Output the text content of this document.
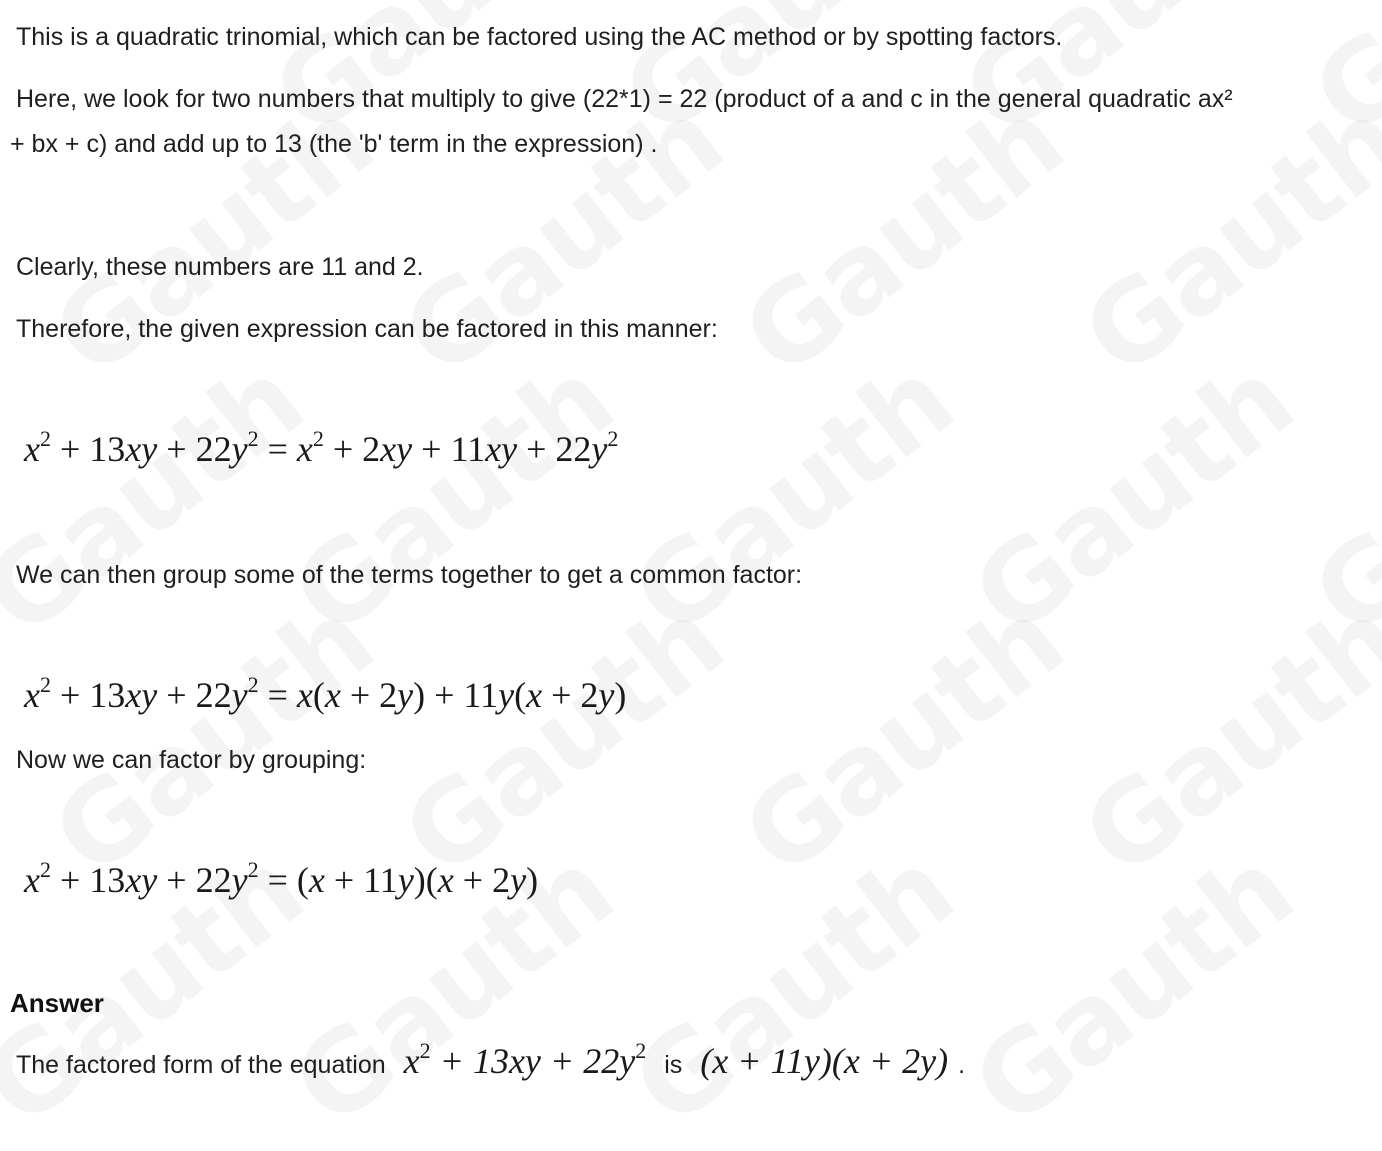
This is a quadratic trinomial, which can be factored using the AC method or by spotting factors.
Here, we look for two numbers that multiply to give (22*1) = 22 (product of a and c in the general quadratic ax²
+ bx + c) and add up to 13 (the 'b' term in the expression) .
Clearly, these numbers are 11 and 2.
Therefore, the given expression can be factored in this manner:
$x^2 + 13xy + 22y^2 = x^2 + 2xy + 11xy + 22y^2$
We can then group some of the terms together to get a common factor:
$x^2 + 13xy + 22y^2 = x(x + 2y) + 11y(x + 2y)$
Now we can factor by grouping:
$x^2 + 13xy + 22y^2 = (x + 11y)(x + 2y)$
Answer
The factored form of the equation $x^2 + 13xy + 22y^2$
is (x + 11y)(x + 2y) .
